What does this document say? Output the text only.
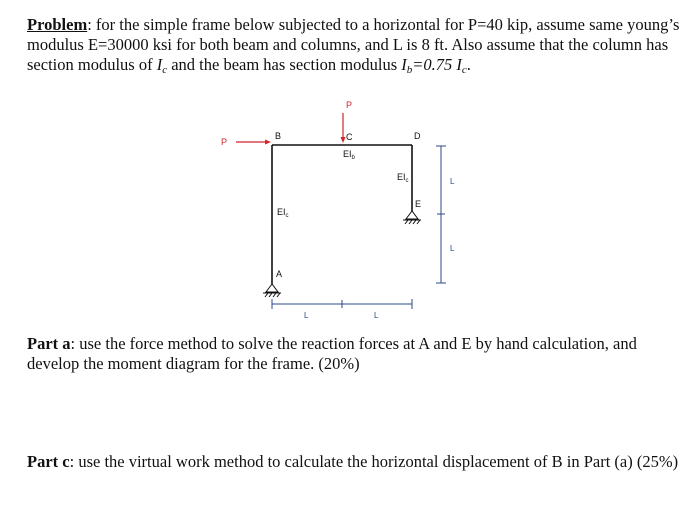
Problem: for the simple frame below subjected to a horizontal for P=40 kip, assume same young’s modulus E=30000 ksi for both beam and columns, and L is 8 ft. Also assume that the column has section modulus of $I_c$ and the beam has section modulus $I_b=0.75$ $I_c$.

P
P
B	C	D
E
A
$EI_b$
$EI_c$
$EI_c$
L
L
L	L

Part a: use the force method to solve the reaction forces at A and E by hand calculation, and develop the moment diagram for the frame. (20%)

Part c: use the virtual work method to calculate the horizontal displacement of B in Part (a) (25%)
